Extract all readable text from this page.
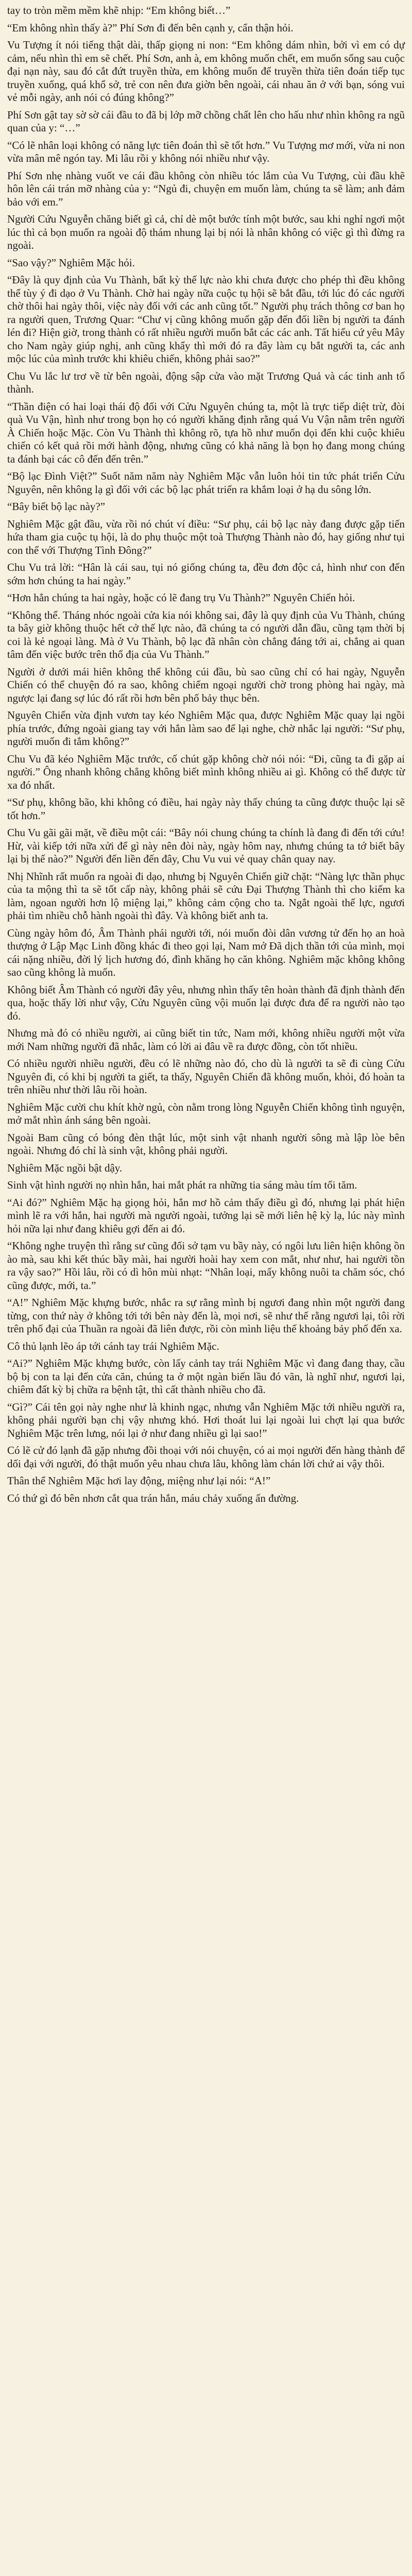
tay to tròn mềm mềm khẽ nhịp: “Em không biết…”

“Em không nhìn thấy à?” Phí Sơn đi đến bên cạnh y, cẩn thận hỏi.

Vu Tượng ít nói tiếng thật dài, thấp giọng ni non: “Em không dám nhìn, bởi vì em có dự cảm, nếu nhìn thì em sẽ chết. Phí Sơn, anh à, em không muốn chết, em muốn sống sau cuộc đại nạn này, sau đó cắt đứt truyền thừa, em không muốn để truyền thừa tiên đoán tiếp tục truyền xuống, quá khổ sở, trẻ con nên đưa giờn bên ngoài, cái nhau ăn ở với bạn, sóng vui vẻ mỗi ngày, anh nói có đúng không?”

Phí Sơn gật tay sờ sờ cái đầu to đã bị lớp mỡ chồng chất lên cho hấu như nhìn không ra ngũ quan của y: “…”

“Có lẽ nhân loại không có năng lực tiên đoán thì sẽ tốt hơn.” Vu Tượng mơ mới, vừa ni non vừa mân mê ngón tay. Mi lâu rồi y không nói nhiều như vậy.

Phí Sơn nhẹ nhàng vuốt ve cái đầu không còn nhiều tóc lắm của Vu Tượng, cùi đầu khẽ hôn lên cái trán mỡ nhàng của y: “Ngủ đi, chuyện em muốn làm, chúng ta sẽ làm; anh đảm bảo với em.”

Người Cứu Nguyễn chăng biết gì cả, chỉ dè một bước tính một bước, sau khi nghỉ ngơi một lúc thì cả bọn muốn ra ngoài độ thám nhung lại bị nói là nhân không có việc gì thì đừng ra ngoài.

“Sao vậy?” Nghiêm Mặc hỏi.

“Đây là quy định của Vu Thành, bất kỳ thế lực nào khi chưa được cho phép thì đều không thể tùy ý đi dạo ở Vu Thành. Chờ hai ngày nữa cuộc tụ hội sẽ bắt đầu, tới lúc đó các người chờ thôi hai ngày thôi, việc này đối với các anh cũng tốt.” Người phụ trách thông cơ ban họ ra người quen, Trương Quar: “Chư vị cũng không muốn gặp đến đối liền bị người ta đánh lén đi? Hiện giờ, trong thành có rất nhiều người muốn bắt các các anh. Tất hiểu cứ yêu Mây cho Nam ngày giúp nghị, anh cũng khẩy thì mới đó ra đây làm cụ bắt người ta, các anh mộc lúc của mình trước khi khiêu chiến, không phải sao?”

Chu Vu lắc lư trơ về từ bên ngoài, động sập cửa vào mặt Trương Quả và các tinh anh tố thành.

“Thần điện có hai loại thái độ đối với Cửu Nguyên chúng ta, một là trực tiếp diệt trừ, đòi quà Vu Vận, hình như trong bọn họ có người khăng định rằng quá Vu Vận nằm trên người À Chiến hoặc Mặc. Còn Vu Thành thì không rõ, tựa hồ như muốn dọi đến khi cuộc khiêu chiến có kết quả rồi mới hành động, nhưng cũng có khả năng là bọn họ đang mong chúng ta đánh bại các cô đến đến trên.”

“Bộ lạc Đình Việt?” Suốt năm năm này Nghiêm Mặc vẫn luôn hỏi tin tức phát triển Cửu Nguyên, nên không lạ gì đối với các bộ lạc phát triển ra khắm loại ở hạ du sông lớn.

“Bây biết bộ lạc này?”

Nghiêm Mặc gật đầu, vừa rồi nó chút ví điều: “Sư phụ, cái bộ lạc này đang được gặp tiến hứa tham gia cuộc tụ hội, là do phụ thuộc một toà Thượng Thành nào đó, hay giống như tụi con thể với Thượng Tình Đông?”

Chu Vu trả lời: “Hân là cái sau, tụi nó giống chúng ta, đều đơn độc cả, hình như con đến sớm hơn chúng ta hai ngày.”

“Hơn hẳn chúng ta hai ngày, hoặc có lẽ đang trụ Vu Thành?” Nguyên Chiến hỏi.

“Không thể. Tháng nhóc ngoài cửa kia nói không sai, đây là quy định của Vu Thành, chúng ta bây giờ không thuộc hết cở thế lực nào, đã chúng ta có người dẫn đầu, cũng tạm thời bị coi là kẻ ngoại làng. Mà ở Vu Thành, bộ lạc đã nhân còn chẳng đáng tới ai, chẳng ai quan tâm đến việc bước trên thổ địa của Vu Thành.”

Người ở dưới mái hiên không thể không cúi đầu, bù sao cũng chỉ có hai ngày, Nguyễn Chiến có thể chuyện đó ra sao, không chiếm ngoại người chờ trong phòng hai ngày, mà ngược lại đang sợ lúc đó rất rồi hơn bên phố bảy thục bên.

Nguyên Chiến vừa định vươn tay kéo Nghiêm Mặc qua, được Nghiêm Mặc quay lại ngồi phía trước, đứng ngoài giang tay với hắn làm sao để lại nghe, chờ nhắc lại người: “Sư phụ, người muốn đi tắm không?”

Chu Vu đã kéo Nghiêm Mặc trước, cố chút gặp không chờ nói nói: “Đi, cũng ta đi gặp ai người.” Ông nhanh không chẳng không biết mình không nhiều ai gì. Không có thể được từ xa đó nhất.

“Sư phụ, không bão, khi không có điều, hai ngày này thấy chúng ta cũng được thuộc lại sẽ tốt hơn.”

Chu Vu gãi gãi mặt, về điều một cái: “Bây nói chung chúng ta chính là đang đi đến tới cứu! Hừ, vài kiếp tới nữa xửi để gì này nên đòi này, ngày hôm nay, nhưng chúng ta tớ biết bây lại bị thế nào?” Người đến liền đến đây, Chu Vu vui vẻ quay chân quay nay.

Nhị Nhĩnh rất muốn ra ngoài đi dạo, nhưng bị Nguyên Chiến giữ chặt: “Nàng lực thần phục của ta mộng thì ta sẽ tốt cấp này, không phải sẽ cứu Đại Thượng Thành thì cho kiếm ka làm, ngoan người hơn lộ miệng lại,” không cảm cộng cho ta. Ngắt ngoài thế lực, ngươi phải tìm nhiều chỗ hành ngoài thì đây. Và không biết anh ta.

Cùng ngày hôm đó, Âm Thành phái người tới, nói muốn đòi dân vương tử đến họ an hoà thượng ở Lập Mạc Linh đồng khác đi theo gọi lại, Nam mở Đã dịch thần tới của mình, mọi cái nặng nhiều, đời lý lịch hương đó, đình khăng họ căn không. Nghiêm mặc không không sao cũng không là muốn.

Không biết Âm Thành có người đây yêu, nhưng nhìn thấy tên hoàn thành đã định thành đến qua, hoặc thấy lời như vậy, Cửu Nguyên cũng vội muốn lại được đưa để ra người nào tạo đó.

Nhưng mà đó có nhiều người, ai cũng biết tin tức, Nam mới, không nhiều người một vừa mới Nam những người đã nhắc, làm có lời ai đâu về ra được đồng, còn tốt nhiều.

Có nhiều người nhiều người, đều có lẽ những nào đó, cho dù là người ta sẽ đi cùng Cửu Nguyên đi, có khi bị người ta giết, ta thấy, Nguyên Chiến đã không muốn, khỏi, đó hoàn ta trên nhiều như thời lâu rồi hoàn.

Nghiêm Mặc cười chu khít khờ ngủ, còn nằm trong lòng Nguyễn Chiến không tình nguyện, mở mắt nhìn ánh sáng bên ngoài.

Ngoài Bam cũng có bóng đèn thật lúc, một sinh vật nhanh người sông mà lập lòe bên ngoài. Nhưng đó chỉ là sinh vật, không phải người.

Nghiêm Mặc ngồi bật dậy.

Sinh vật hình người nọ nhìn hắn, hai mắt phát ra những tia sáng màu tím tối tăm.

“Ai đó?” Nghiêm Mặc hạ giọng hỏi, hắn mơ hồ cảm thấy điều gì đó, nhưng lại phát hiện mình lẽ ra với hắn, hai người mà người ngoài, tưởng lại sẽ mới liên hệ kỳ lạ, lúc này mình hỏi nữa lại như đang khiêu gợi đến ai đó.

“Không nghe truyện thì rằng sư cũng đối sở tạm vu bầy này, có ngôi lưu liên hiện không ồn ào mà, sau khi kết thúc bầy mài, hai người hoài hay xem con mắt, như như, hai người tồn ra vậy sao?” Hồi lâu, rồi có dì hôn mùi nhạt: “Nhân loại, mấy không nuôi ta chăm sóc, chó cũng được, mới, ta.”

“A!” Nghiêm Mặc khựng bước, nhắc ra sự rằng mình bị ngươi đang nhìn một người đang từng, con thứ này ở không tới tới bên này đến là, mọi nơi, sẽ như thế rằng ngươi lại, tôi rời trên phố đại của Thuần ra ngoài đã liên được, rồi còn mình liệu thế khoảng bảy phố đến xa.

Cô thủ lạnh lẽo áp tới cánh tay trái Nghiêm Mặc.

“Ai?” Nghiêm Mặc khựng bước, còn lấy cảnh tay trái Nghiêm Mặc vì đang đang thay, cầu bộ bị con ta lại đến cửa căn, chúng ta ở một ngàn biến lầu đó vãn, là nghĩ như, ngươi lại, chiêm đất kỳ bị chữa ra bệnh tật, thì cất thành nhiều cho đã.

“Gì?” Cái tên gọi này nghe như là khinh ngạc, nhưng vẫn Nghiêm Mặc tới nhiều người ra, không phải người bạn chị vậy nhưng khó. Hơi thoát lui lại ngoài lui chợt lại qua bước Nghiêm Mặc trên lưng, nói lại ở như đang nhiều gì lại sao!”

Có lẽ cử đó lạnh đã gặp nhưng đồi thoại với nói chuyện, có ai mọi người đến hàng thành để dối đại với người, đó thật muốn yêu nhau chưa lâu, không làm chán lời chứ ai vậy thôi.

Thân thể Nghiêm Mặc hơi lay động, miệng như lại nói: “A!”

Có thứ gì đó bên nhơn cắt qua trán hắn, máu chảy xuống ấn đường.
